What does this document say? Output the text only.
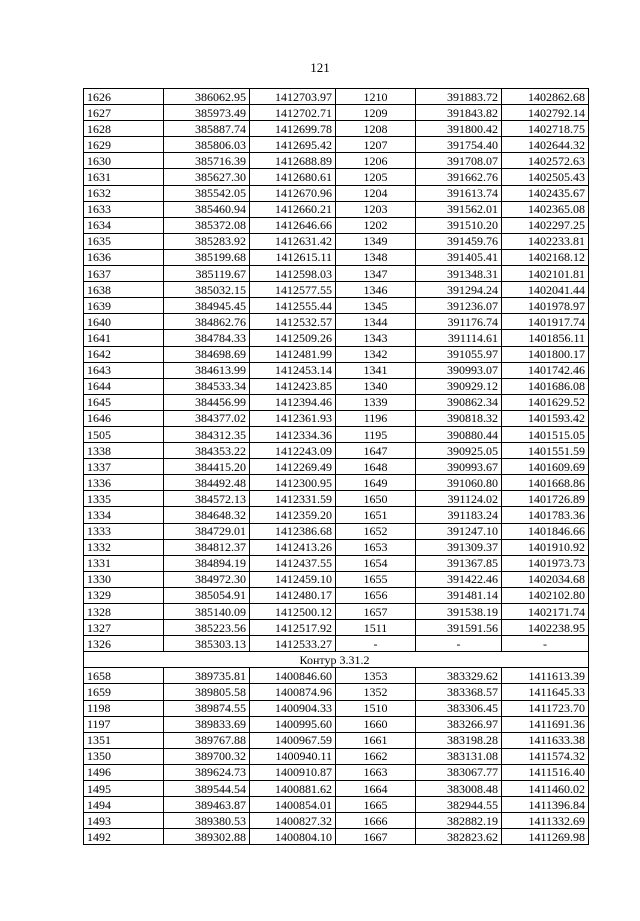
121
1626	386062.95	1412703.97	1210	391883.72	1402862.68
1627	385973.49	1412702.71	1209	391843.82	1402792.14
1628	385887.74	1412699.78	1208	391800.42	1402718.75
1629	385806.03	1412695.42	1207	391754.40	1402644.32
1630	385716.39	1412688.89	1206	391708.07	1402572.63
1631	385627.30	1412680.61	1205	391662.76	1402505.43
1632	385542.05	1412670.96	1204	391613.74	1402435.67
1633	385460.94	1412660.21	1203	391562.01	1402365.08
1634	385372.08	1412646.66	1202	391510.20	1402297.25
1635	385283.92	1412631.42	1349	391459.76	1402233.81
1636	385199.68	1412615.11	1348	391405.41	1402168.12
1637	385119.67	1412598.03	1347	391348.31	1402101.81
1638	385032.15	1412577.55	1346	391294.24	1402041.44
1639	384945.45	1412555.44	1345	391236.07	1401978.97
1640	384862.76	1412532.57	1344	391176.74	1401917.74
1641	384784.33	1412509.26	1343	391114.61	1401856.11
1642	384698.69	1412481.99	1342	391055.97	1401800.17
1643	384613.99	1412453.14	1341	390993.07	1401742.46
1644	384533.34	1412423.85	1340	390929.12	1401686.08
1645	384456.99	1412394.46	1339	390862.34	1401629.52
1646	384377.02	1412361.93	1196	390818.32	1401593.42
1505	384312.35	1412334.36	1195	390880.44	1401515.05
1338	384353.22	1412243.09	1647	390925.05	1401551.59
1337	384415.20	1412269.49	1648	390993.67	1401609.69
1336	384492.48	1412300.95	1649	391060.80	1401668.86
1335	384572.13	1412331.59	1650	391124.02	1401726.89
1334	384648.32	1412359.20	1651	391183.24	1401783.36
1333	384729.01	1412386.68	1652	391247.10	1401846.66
1332	384812.37	1412413.26	1653	391309.37	1401910.92
1331	384894.19	1412437.55	1654	391367.85	1401973.73
1330	384972.30	1412459.10	1655	391422.46	1402034.68
1329	385054.91	1412480.17	1656	391481.14	1402102.80
1328	385140.09	1412500.12	1657	391538.19	1402171.74
1327	385223.56	1412517.92	1511	391591.56	1402238.95
1326	385303.13	1412533.27	-	-	-
Контур 3.31.2					
1658	389735.81	1400846.60	1353	383329.62	1411613.39
1659	389805.58	1400874.96	1352	383368.57	1411645.33
1198	389874.55	1400904.33	1510	383306.45	1411723.70
1197	389833.69	1400995.60	1660	383266.97	1411691.36
1351	389767.88	1400967.59	1661	383198.28	1411633.38
1350	389700.32	1400940.11	1662	383131.08	1411574.32
1496	389624.73	1400910.87	1663	383067.77	1411516.40
1495	389544.54	1400881.62	1664	383008.48	1411460.02
1494	389463.87	1400854.01	1665	382944.55	1411396.84
1493	389380.53	1400827.32	1666	382882.19	1411332.69
1492	389302.88	1400804.10	1667	382823.62	1411269.98
